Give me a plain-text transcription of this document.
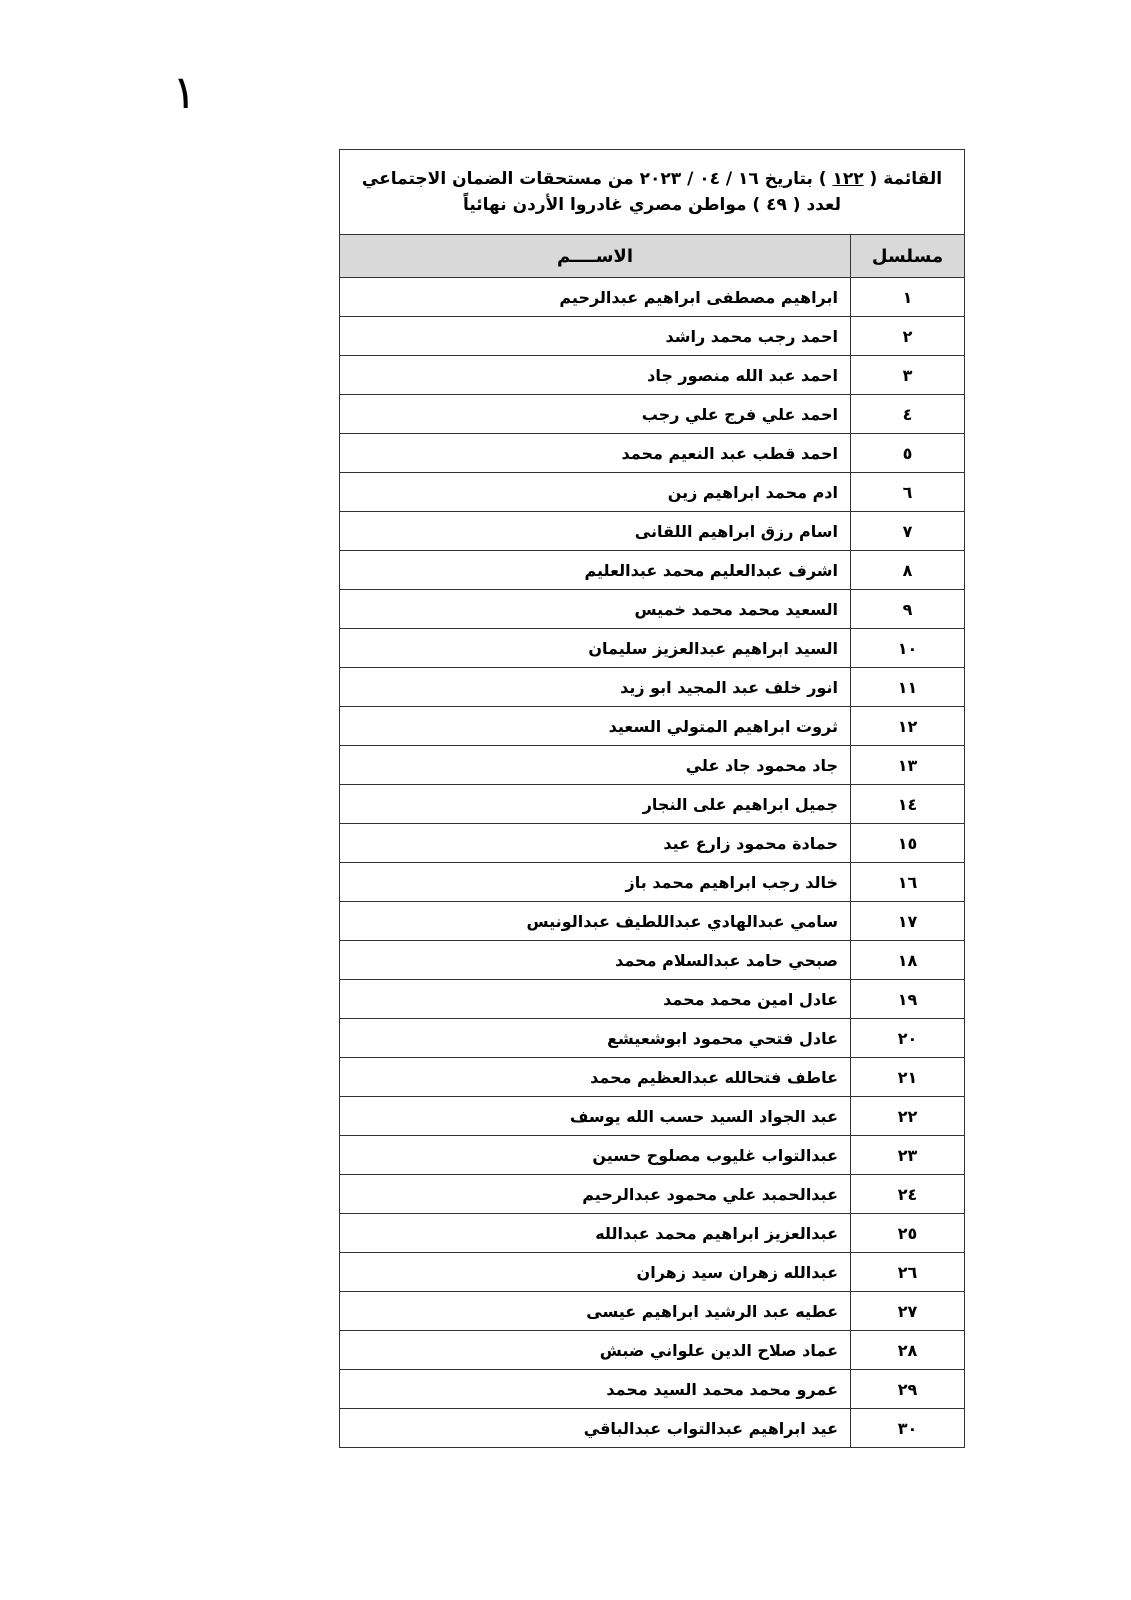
١
القائمة ( ١٢٢ ) بتاريخ ١٦ / ٠٤ / ٢٠٢٣ من مستحقات الضمان الاجتماعي
لعدد ( ٤٩ ) مواطن مصري غادروا الأردن نهائياً	

مسلسل	الاســــم
١	ابراهيم مصطفى ابراهيم عبدالرحيم
٢	احمد رجب محمد راشد
٣	احمد عبد الله منصور جاد
٤	احمد علي فرج علي رجب
٥	احمد قطب عبد النعيم محمد
٦	ادم محمد ابراهيم زين
٧	اسام رزق ابراهيم اللقانى
٨	اشرف عبدالعليم محمد عبدالعليم
٩	السعيد محمد محمد خميس
١٠	السيد ابراهيم عبدالعزيز سليمان
١١	انور خلف عبد المجيد ابو زيد
١٢	ثروت ابراهيم المتولي السعيد
١٣	جاد محمود جاد علي
١٤	جميل ابراهيم على النجار
١٥	حمادة محمود زارع عيد
١٦	خالد رجب ابراهيم محمد باز
١٧	سامي عبدالهادي عبداللطيف عبدالونيس
١٨	صبحي حامد عبدالسلام محمد
١٩	عادل امين محمد محمد
٢٠	عادل فتحي محمود ابوشعيشع
٢١	عاطف فتحالله عبدالعظيم محمد
٢٢	عبد الجواد السيد حسب الله يوسف
٢٣	عبدالتواب غليوب مصلوح حسين
٢٤	عبدالحمبد علي محمود عبدالرحيم
٢٥	عبدالعزيز ابراهيم محمد عبدالله
٢٦	عبدالله زهران سيد زهران
٢٧	عطيه عبد الرشيد ابراهيم عيسى
٢٨	عماد صلاح الدين علواني ضبش
٢٩	عمرو محمد محمد السيد محمد
٣٠	عيد ابراهيم عبدالتواب عبدالباقي
